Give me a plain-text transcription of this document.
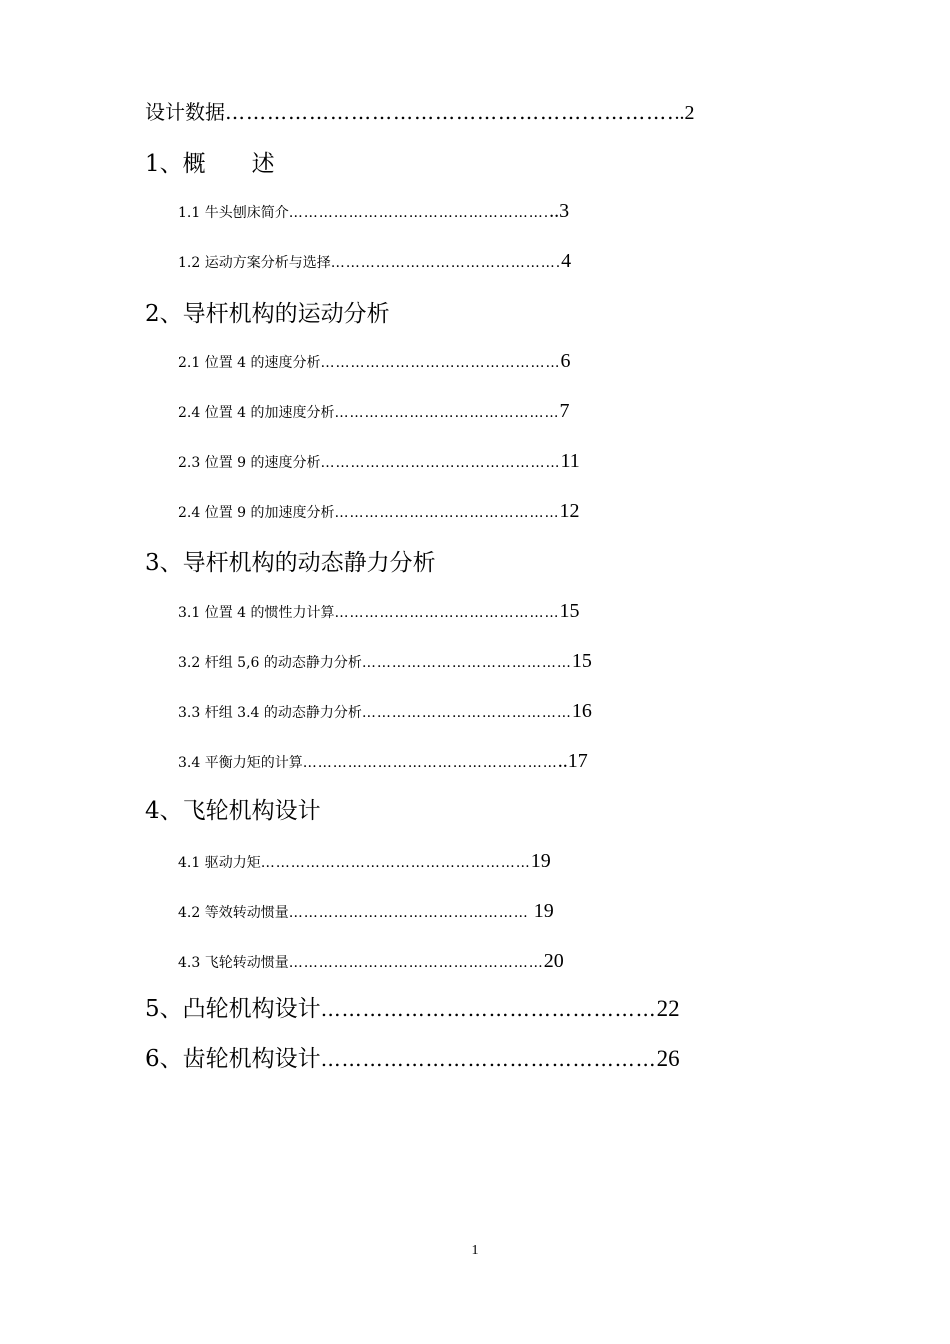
设计数据……………………………………………...………...2
1、概　　述
1.1 牛头刨床简介……………………………………………...3
1.2 运动方案分析与选择……………………………………….4
2、导杆机构的运动分析
2.1 位置 4 的速度分析…………………………………………6
2.4 位置 4 的加速度分析………………………………………7
2.3 位置 9 的速度分析…………………………………………11
2.4 位置 9 的加速度分析………………………………………12
3、导杆机构的动态静力分析
3.1 位置 4 的惯性力计算………………………………………15
3.2 杆组 5,6 的动态静力分析……………………………………15
3.3 杆组 3.4 的动态静力分析……………………………………16
3.4 平衡力矩的计算……………………………………………..17
4、飞轮机构设计
4.1 驱动力矩………………………………………………19
4.2 等效转动惯量………………………………………… 19
4.3 飞轮转动惯量……………………………………………20
5、凸轮机构设计…………………………………………22
6、齿轮机构设计…………………………………………26
1
